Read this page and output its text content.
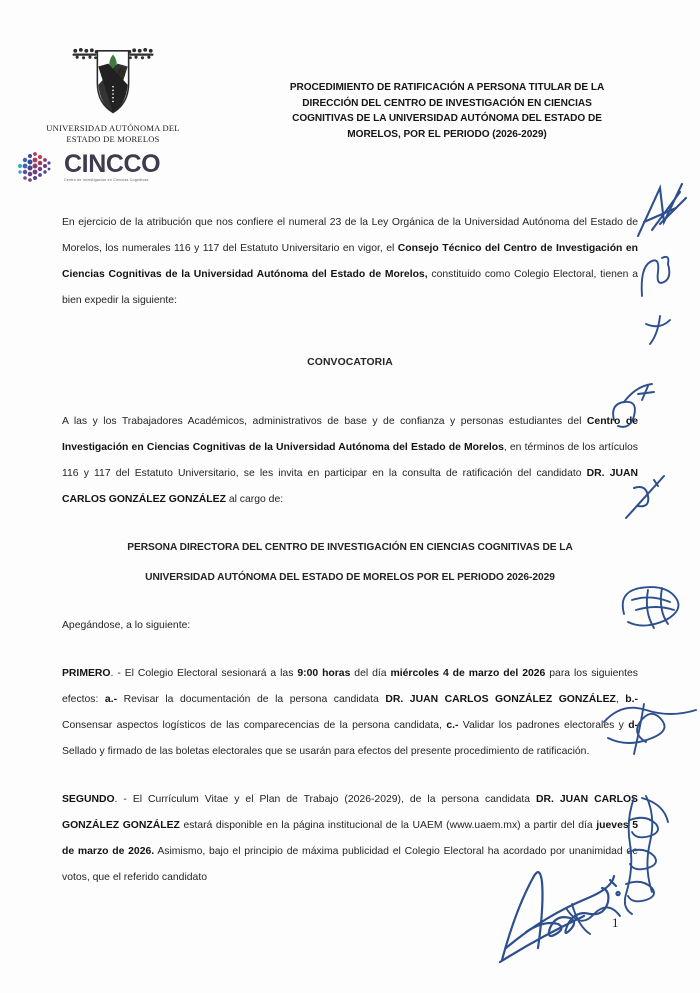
UNIVERSIDAD AUTÓNOMA DEL
ESTADO DE MORELOS
CINCCO
Centro de Investigación en Ciencias Cognitivas
PROCEDIMIENTO DE RATIFICACIÓN A PERSONA TITULAR DE LA
DIRECCIÓN DEL CENTRO DE INVESTIGACIÓN EN CIENCIAS
COGNITIVAS DE LA UNIVERSIDAD AUTÓNOMA DEL ESTADO DE
MORELOS, POR EL PERIODO (2026-2029)

En ejercicio de la atribución que nos confiere el numeral 23 de la Ley Orgánica de la Universidad Autónoma del Estado de Morelos, los numerales 116 y 117 del Estatuto Universitario en vigor, el Consejo Técnico del Centro de Investigación en Ciencias Cognitivas de la Universidad Autónoma del Estado de Morelos, constituido como Colegio Electoral, tienen a bien expedir la siguiente:

CONVOCATORIA

A las y los Trabajadores Académicos, administrativos de base y de confianza y personas estudiantes del Centro de Investigación en Ciencias Cognitivas de la Universidad Autónoma del Estado de Morelos, en términos de los artículos 116 y 117 del Estatuto Universitario, se les invita en participar en la consulta de ratificación del candidato DR. JUAN CARLOS GONZÁLEZ GONZÁLEZ al cargo de:

PERSONA DIRECTORA DEL CENTRO DE INVESTIGACIÓN EN CIENCIAS COGNITIVAS DE LA
UNIVERSIDAD AUTÓNOMA DEL ESTADO DE MORELOS POR EL PERIODO 2026-2029

Apegándose, a lo siguiente:

PRIMERO. - El Colegio Electoral sesionará a las 9:00 horas del día miércoles 4 de marzo del 2026 para los siguientes efectos: a.- Revisar la documentación de la persona candidata DR. JUAN CARLOS GONZÁLEZ GONZÁLEZ, b.- Consensar aspectos logísticos de las comparecencias de la persona candidata, c.- Validar los padrones electorales y d- Sellado y firmado de las boletas electorales que se usarán para efectos del presente procedimiento de ratificación.

SEGUNDO. - El Currículum Vitae y el Plan de Trabajo (2026-2029), de la persona candidata DR. JUAN CARLOS GONZÁLEZ GONZÁLEZ estará disponible en la página institucional de la UAEM (www.uaem.mx) a partir del día jueves 5 de marzo de 2026. Asimismo, bajo el principio de máxima publicidad el Colegio Electoral ha acordado por unanimidad de votos, que el referido candidato

1
